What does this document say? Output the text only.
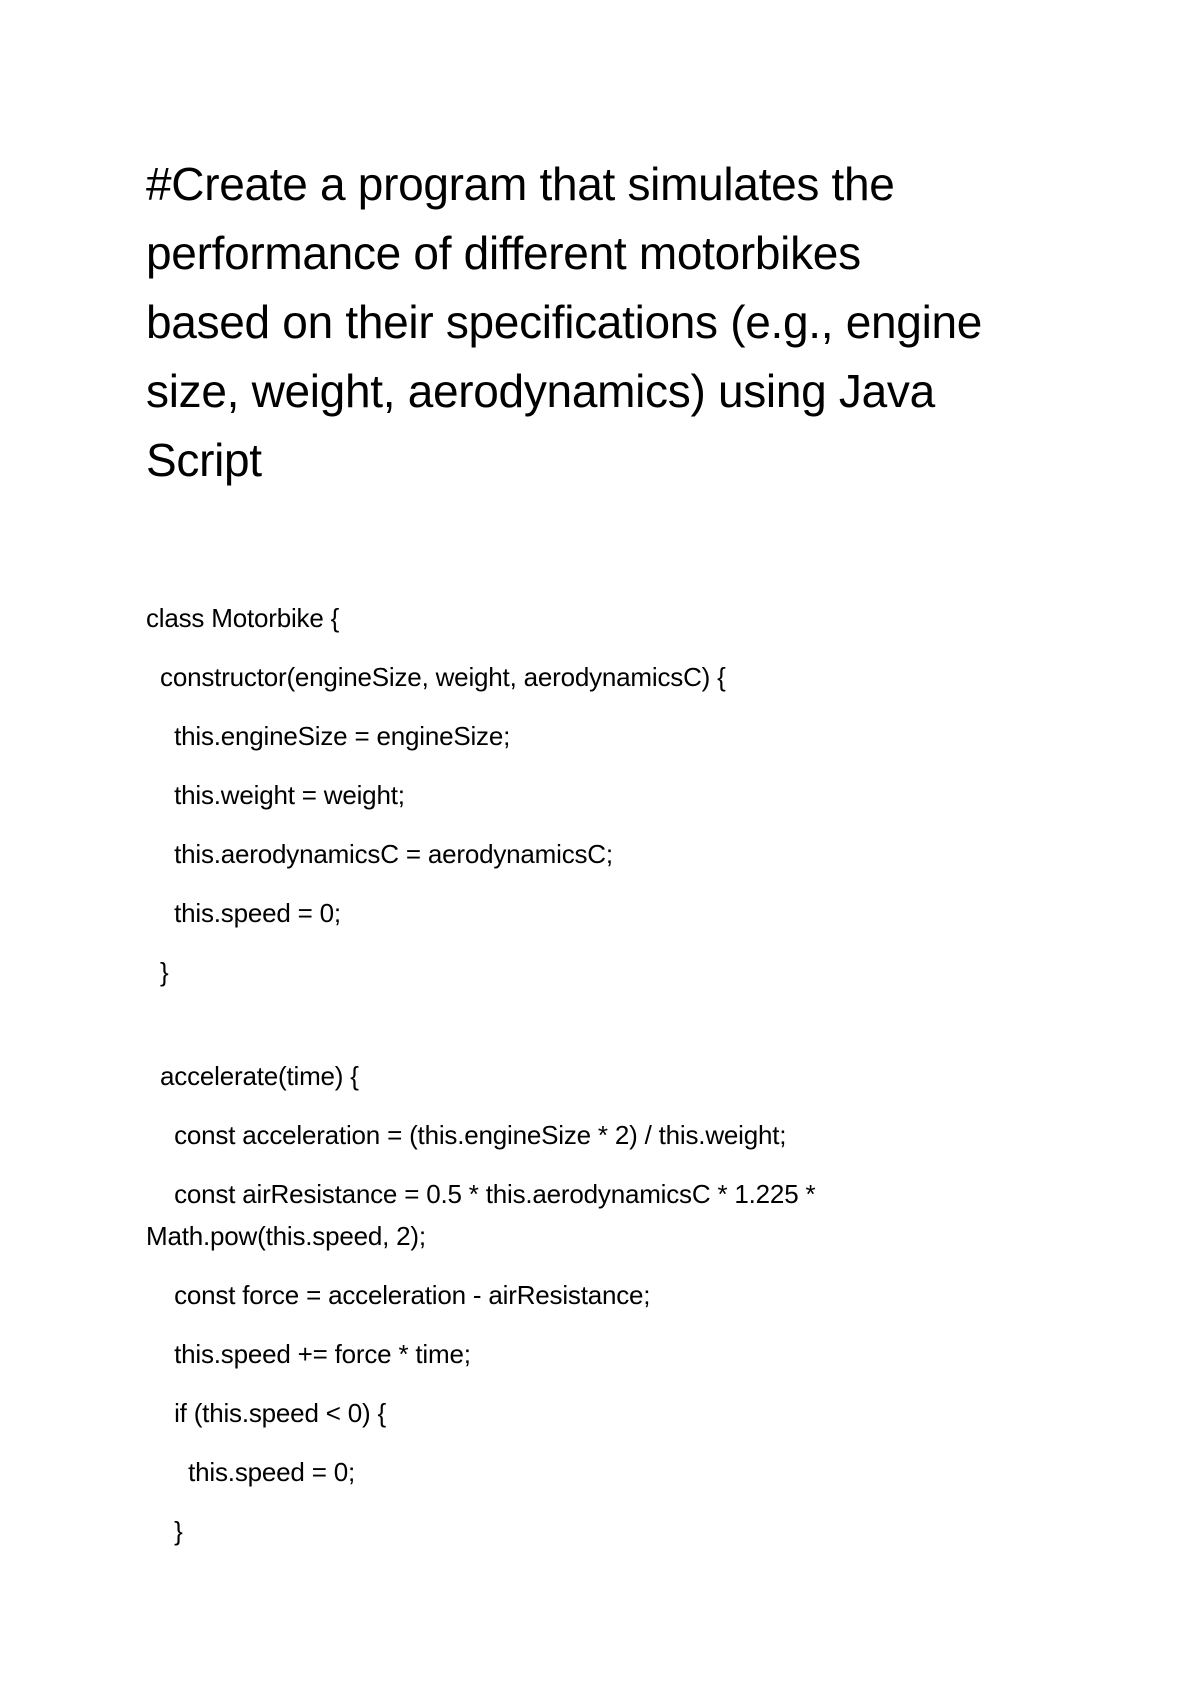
#Create a program that simulates the
performance of different motorbikes
based on their specifications (e.g., engine
size, weight, aerodynamics) using Java
Script
class Motorbike {
constructor(engineSize, weight, aerodynamicsC) {
this.engineSize = engineSize;
this.weight = weight;
this.aerodynamicsC = aerodynamicsC;
this.speed = 0;
}
accelerate(time) {
const acceleration = (this.engineSize * 2) / this.weight;
const airResistance = 0.5 * this.aerodynamicsC * 1.225 *
Math.pow(this.speed, 2);
const force = acceleration - airResistance;
this.speed += force * time;
if (this.speed < 0) {
this.speed = 0;
}
